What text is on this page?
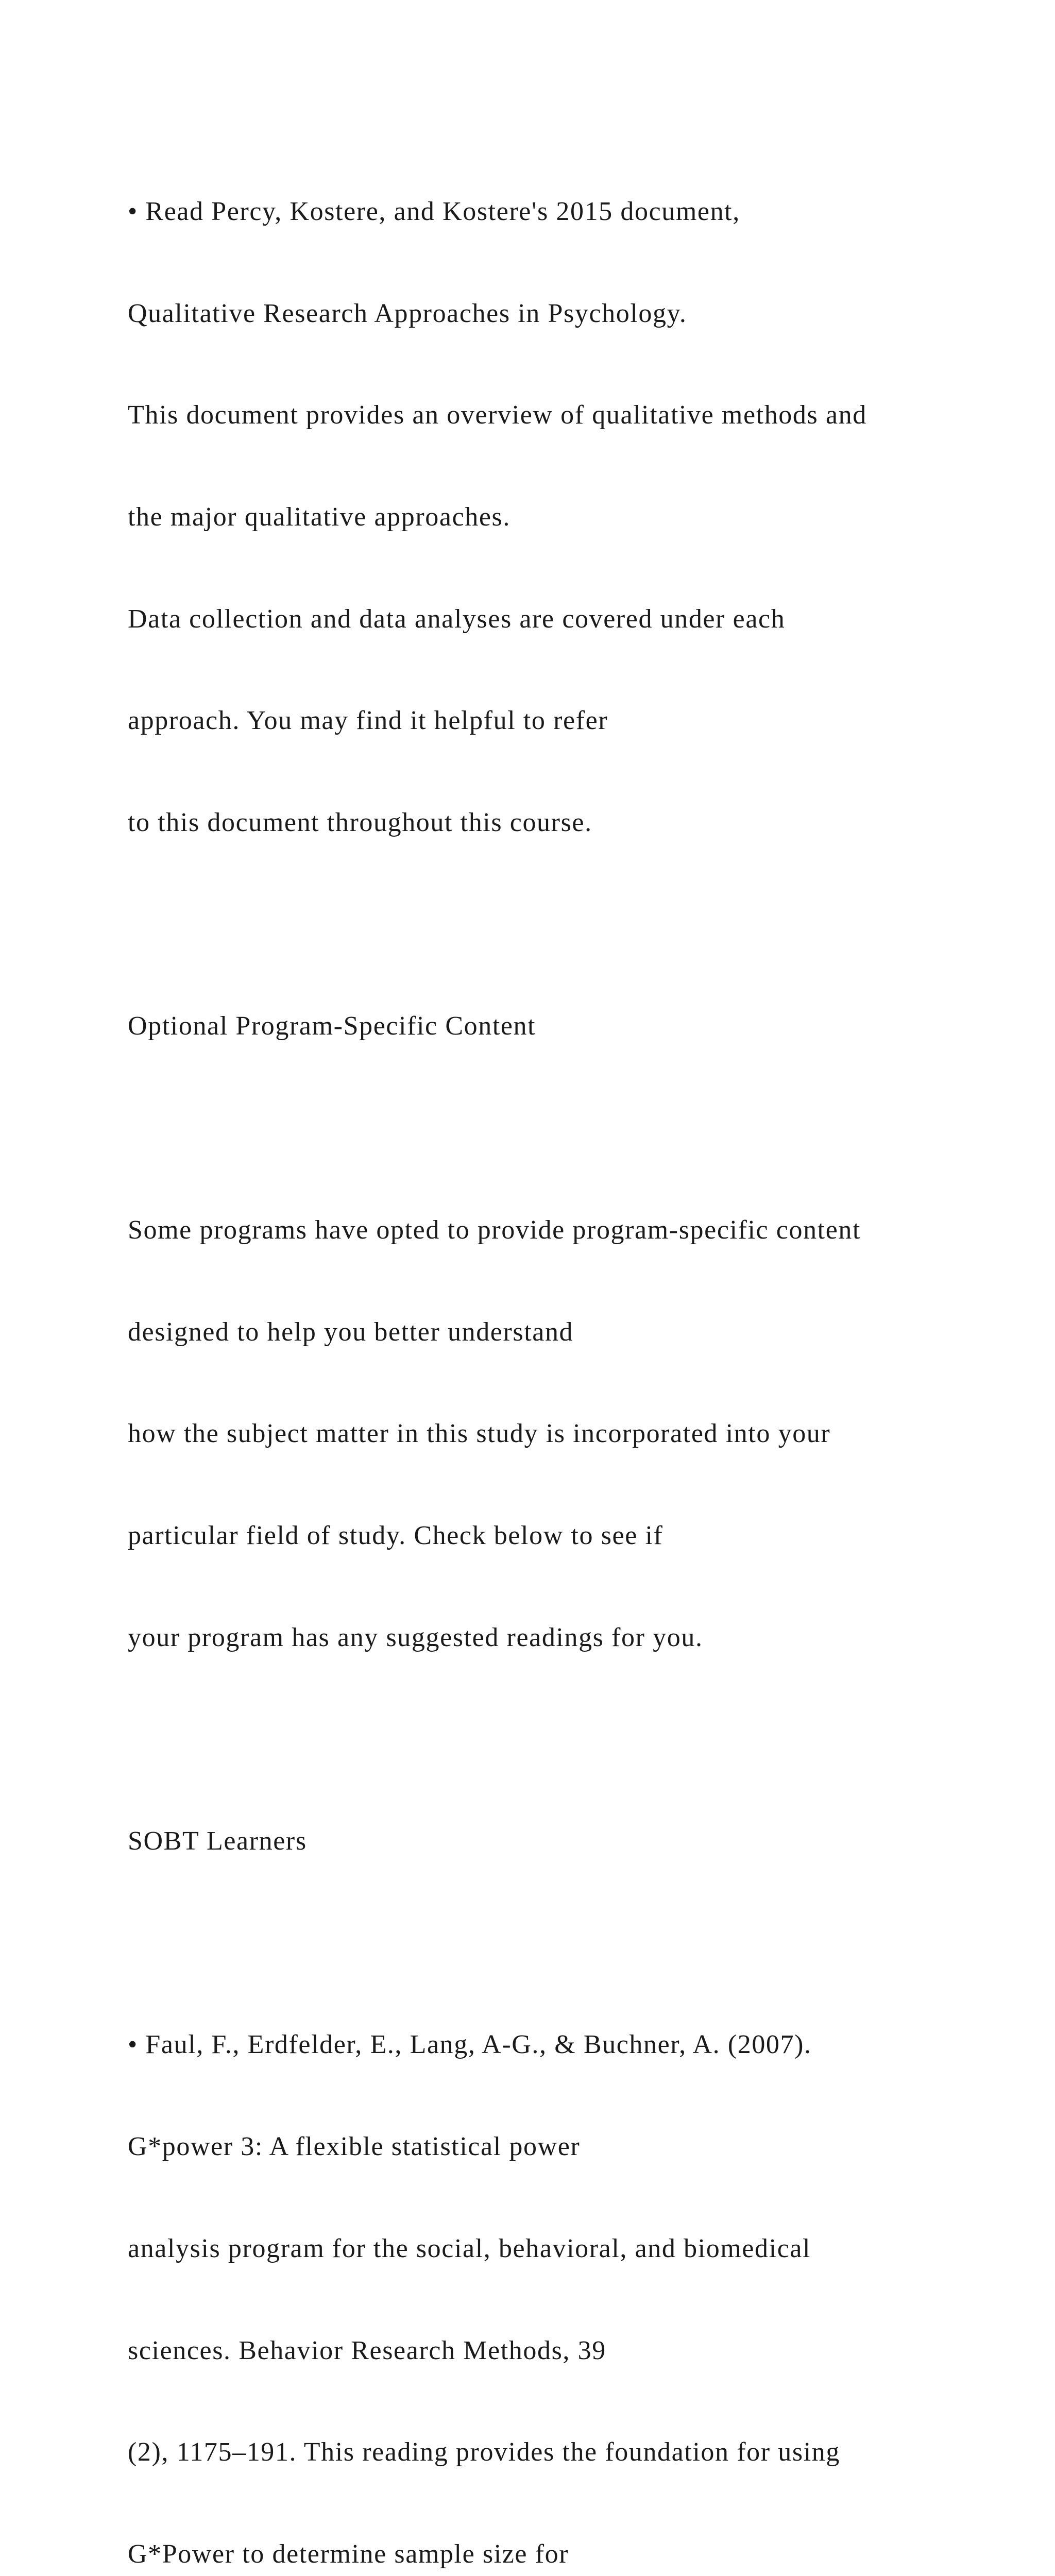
• Read Percy, Kostere, and Kostere's 2015 document,

Qualitative Research Approaches in Psychology.

This document provides an overview of qualitative methods and

the major qualitative approaches.

Data collection and data analyses are covered under each

approach. You may find it helpful to refer

to this document throughout this course.

Optional Program-Specific Content

Some programs have opted to provide program-specific content

designed to help you better understand

how the subject matter in this study is incorporated into your

particular field of study. Check below to see if

your program has any suggested readings for you.

SOBT Learners

• Faul, F., Erdfelder, E., Lang, A-G., & Buchner, A. (2007).

G*power 3: A flexible statistical power

analysis program for the social, behavioral, and biomedical

sciences. Behavior Research Methods, 39

(2), 1175–191. This reading provides the foundation for using

G*Power to determine sample size for
